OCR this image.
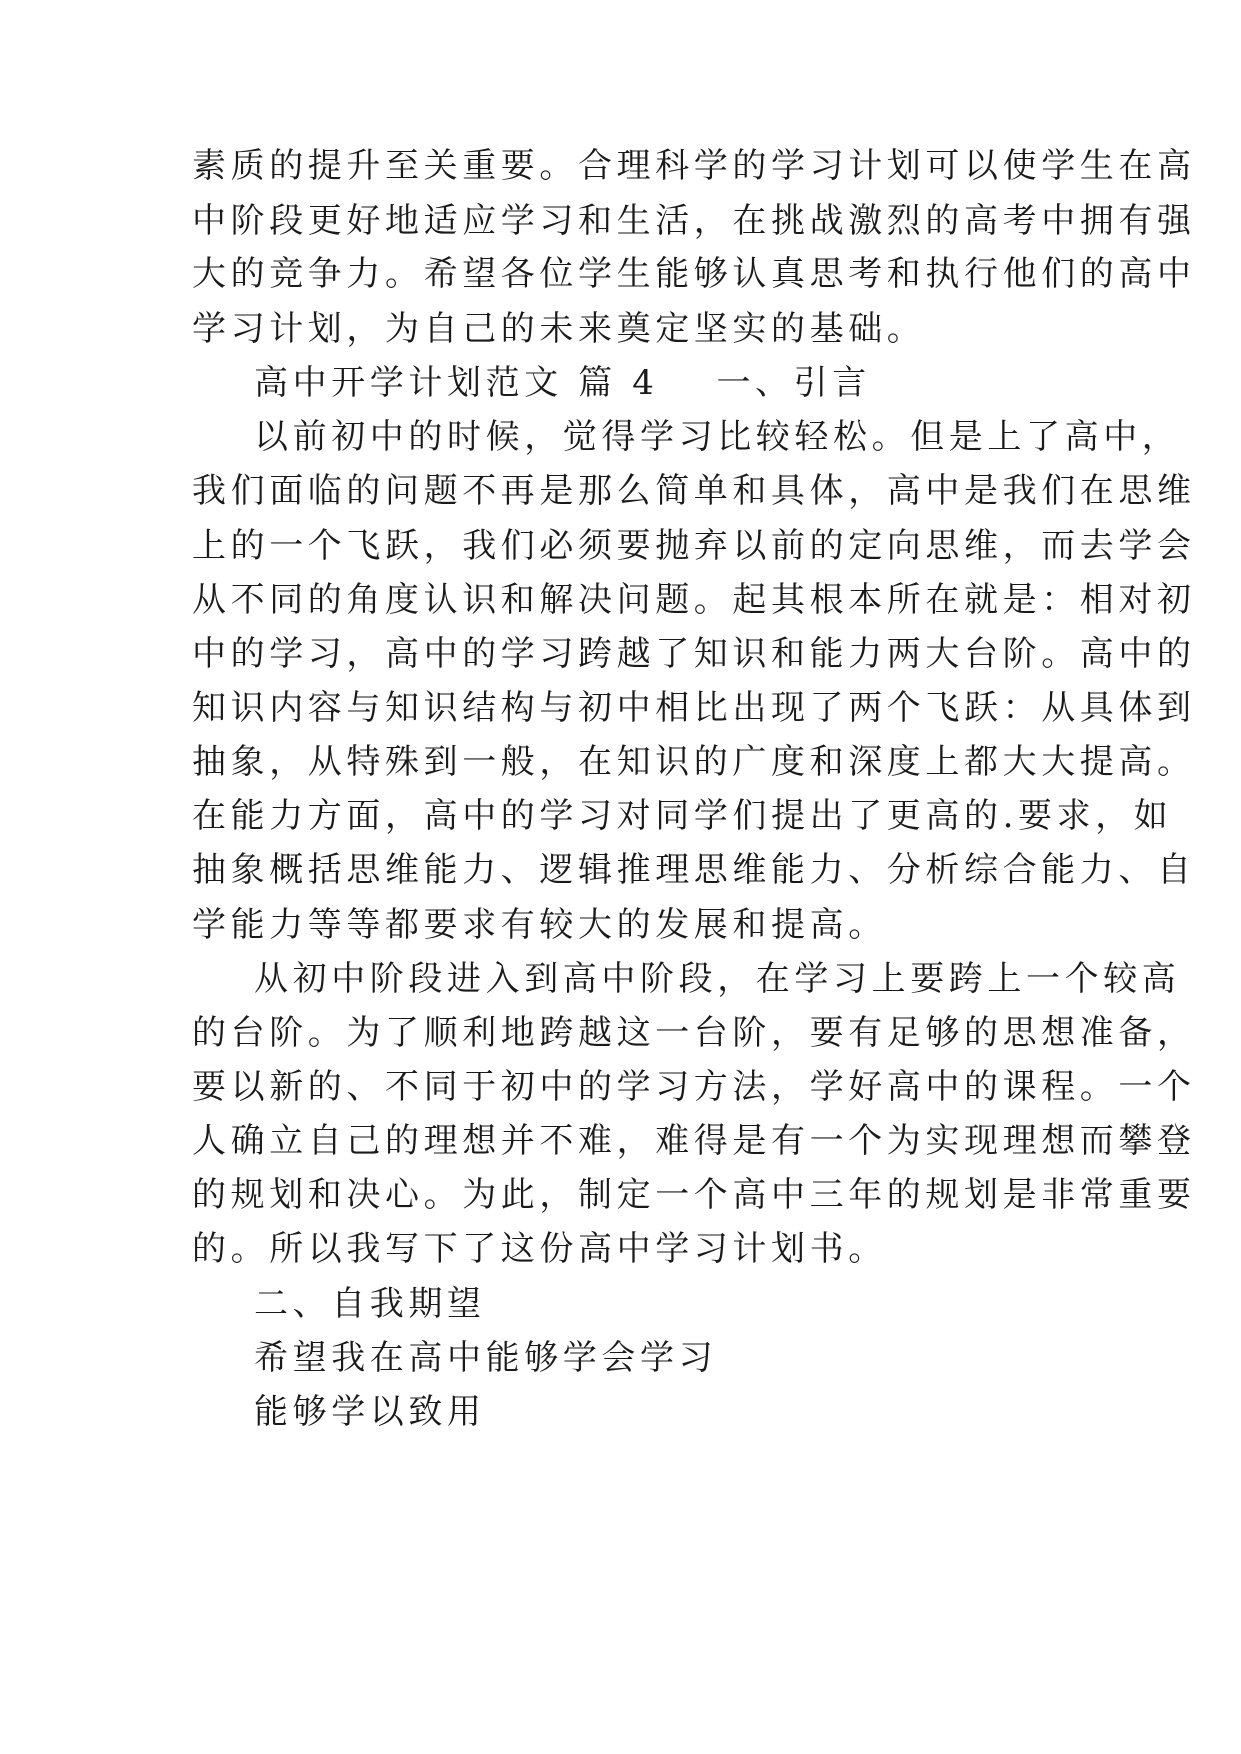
素质的提升至关重要。合理科学的学习计划可以使学生在高
中阶段更好地适应学习和生活，在挑战激烈的高考中拥有强
大的竞争力。希望各位学生能够认真思考和执行他们的高中
学习计划，为自己的未来奠定坚实的基础。
高中开学计划范文 篇 4 一、引言
以前初中的时候，觉得学习比较轻松。但是上了高中，
我们面临的问题不再是那么简单和具体，高中是我们在思维
上的一个飞跃，我们必须要抛弃以前的定向思维，而去学会
从不同的角度认识和解决问题。起其根本所在就是：相对初
中的学习，高中的学习跨越了知识和能力两大台阶。高中的
知识内容与知识结构与初中相比出现了两个飞跃：从具体到
抽象，从特殊到一般，在知识的广度和深度上都大大提高。
在能力方面，高中的学习对同学们提出了更高的.要求，如
抽象概括思维能力、逻辑推理思维能力、分析综合能力、自
学能力等等都要求有较大的发展和提高。
从初中阶段进入到高中阶段，在学习上要跨上一个较高
的台阶。为了顺利地跨越这一台阶，要有足够的思想准备，
要以新的、不同于初中的学习方法，学好高中的课程。一个
人确立自己的理想并不难，难得是有一个为实现理想而攀登
的规划和决心。为此，制定一个高中三年的规划是非常重要
的。所以我写下了这份高中学习计划书。
二、自我期望
希望我在高中能够学会学习
能够学以致用
